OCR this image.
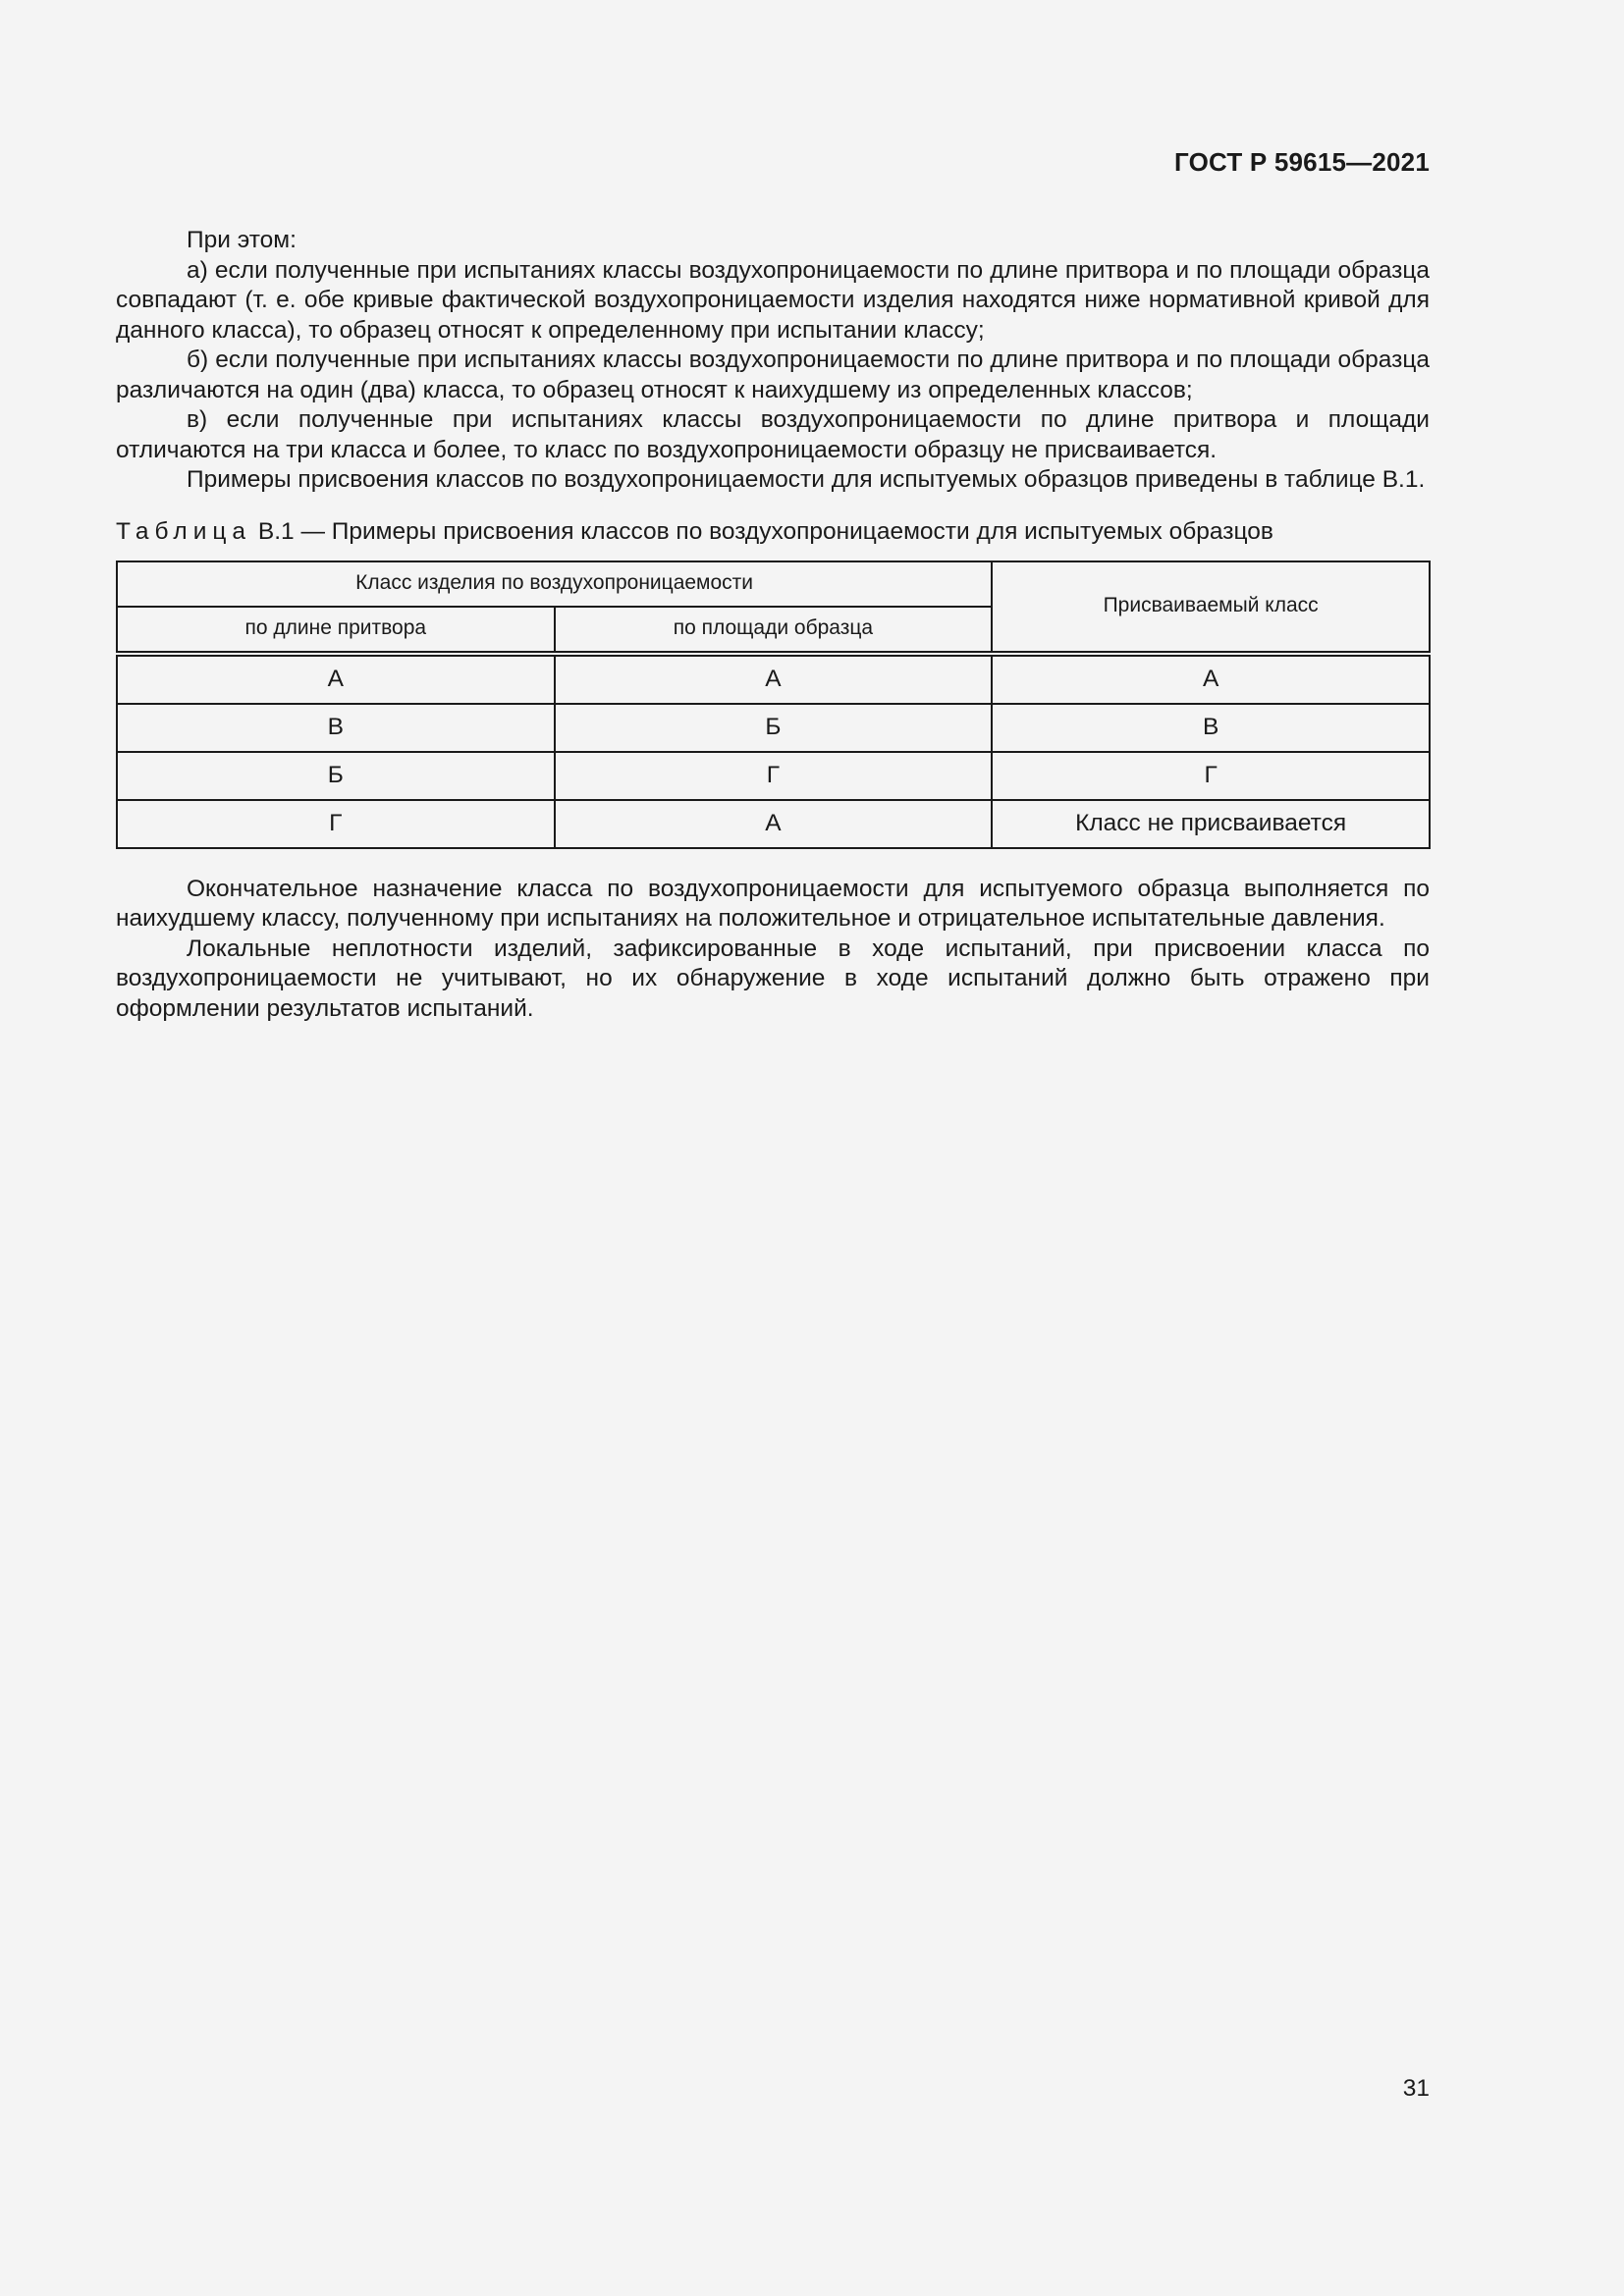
ГОСТ Р 59615—2021

При этом:

а) если полученные при испытаниях классы воздухопроницаемости по длине притвора и по площади образца совпадают (т. е. обе кривые фактической воздухопроницаемости изделия находятся ниже нормативной кривой для данного класса), то образец относят к определенному при испытании классу;

б) если полученные при испытаниях классы воздухопроницаемости по длине притвора и по площади образца различаются на один (два) класса, то образец относят к наихудшему из определенных классов;

в) если полученные при испытаниях классы воздухопроницаемости по длине притвора и площади отличаются на три класса и более, то класс по воздухопроницаемости образцу не присваивается.

Примеры присвоения классов по воздухопроницаемости для испытуемых образцов приведены в таблице В.1.

Таблица В.1 — Примеры присвоения классов по воздухопроницаемости для испытуемых образцов
Класс изделия по воздухопроницаемости		Присваиваемый класс
по длине притвора	по площади образца	
А	А	А
В	Б	В
Б	Г	Г
Г	А	Класс не присваивается

Окончательное назначение класса по воздухопроницаемости для испытуемого образца выполняется по наихудшему классу, полученному при испытаниях на положительное и отрицательное испытательные давления.

Локальные неплотности изделий, зафиксированные в ходе испытаний, при присвоении класса по воздухопроницаемости не учитывают, но их обнаружение в ходе испытаний должно быть отражено при оформлении результатов испытаний.

31
